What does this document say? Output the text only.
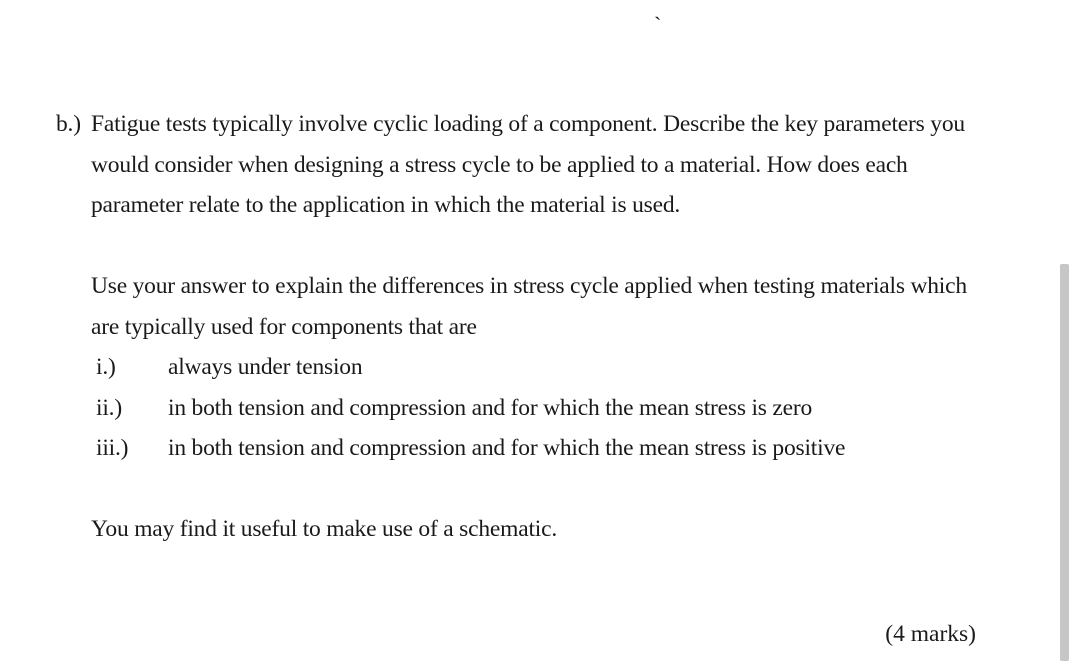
`
b.) Fatigue tests typically involve cyclic loading of a component. Describe the key parameters you would consider when designing a stress cycle to be applied to a material. How does each parameter relate to the application in which the material is used.

Use your answer to explain the differences in stress cycle applied when testing materials which are typically used for components that are

i.)	always under tension
ii.)	in both tension and compression and for which the mean stress is zero
iii.)	in both tension and compression and for which the mean stress is positive

You may find it useful to make use of a schematic.

(4 marks)
